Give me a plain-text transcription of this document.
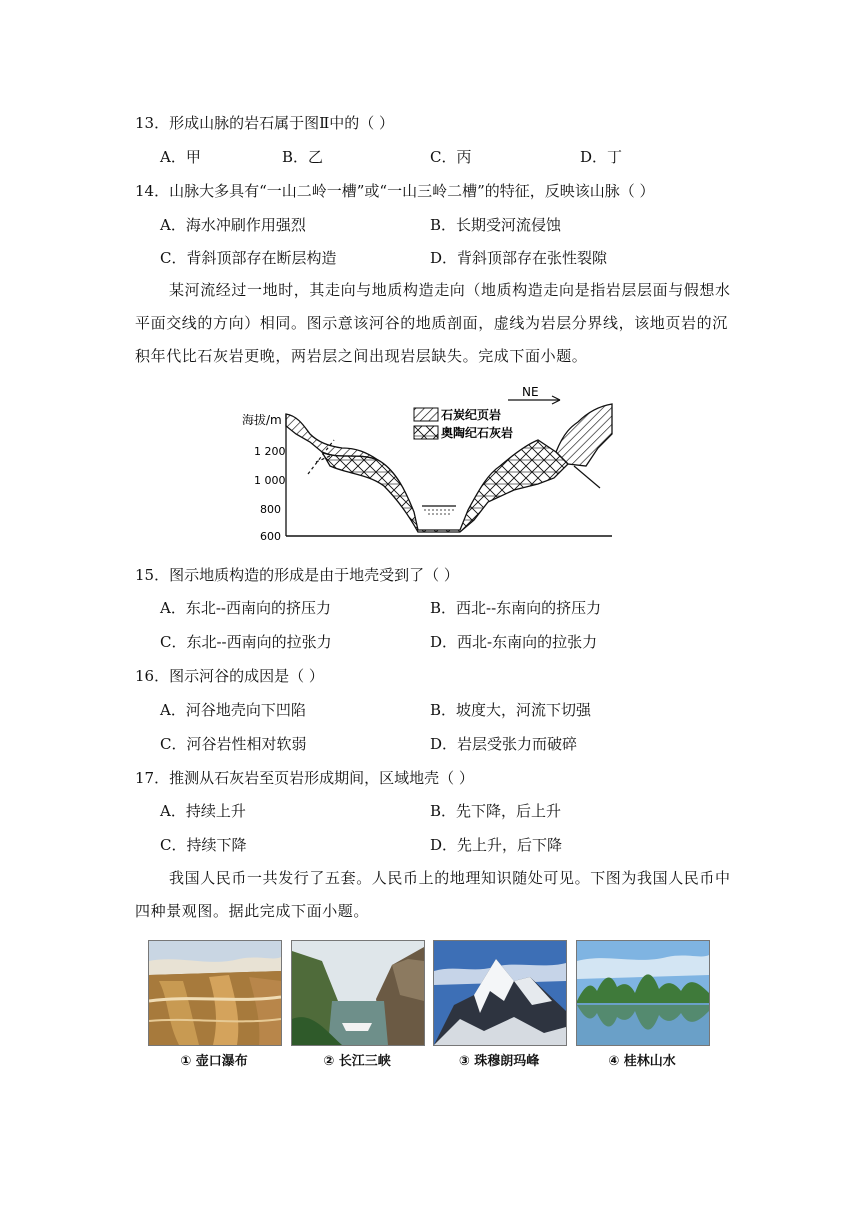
13．形成山脉的岩石属于图Ⅱ中的（ ）
A．甲	B．乙	C．丙	D．丁
14．山脉大多具有“一山二岭一槽”或“一山三岭二槽”的特征，反映该山脉（ ）
A．海水冲刷作用强烈	B．长期受河流侵蚀
C．背斜顶部存在断层构造	D．背斜顶部存在张性裂隙
某河流经过一地时，其走向与地质构造走向（地质构造走向是指岩层层面与假想水平面交线的方向）相同。图示意该河谷的地质剖面，虚线为岩层分界线，该地页岩的沉积年代比石灰岩更晚，两岩层之间出现岩层缺失。完成下面小题。
海拔/m
1 200
1 000
800
600
NE
石炭纪页岩
奥陶纪石灰岩
15．图示地质构造的形成是由于地壳受到了（ ）
A．东北--西南向的挤压力	B．西北--东南向的挤压力
C．东北--西南向的拉张力	D．西北-东南向的拉张力
16．图示河谷的成因是（ ）
A．河谷地壳向下凹陷	B．坡度大，河流下切强
C．河谷岩性相对软弱	D．岩层受张力而破碎
17．推测从石灰岩至页岩形成期间，区域地壳（ ）
A．持续上升	B．先下降，后上升
C．持续下降	D．先上升，后下降
我国人民币一共发行了五套。人民币上的地理知识随处可见。下图为我国人民币中四种景观图。据此完成下面小题。
① 壶口瀑布	② 长江三峡	③ 珠穆朗玛峰	④ 桂林山水
